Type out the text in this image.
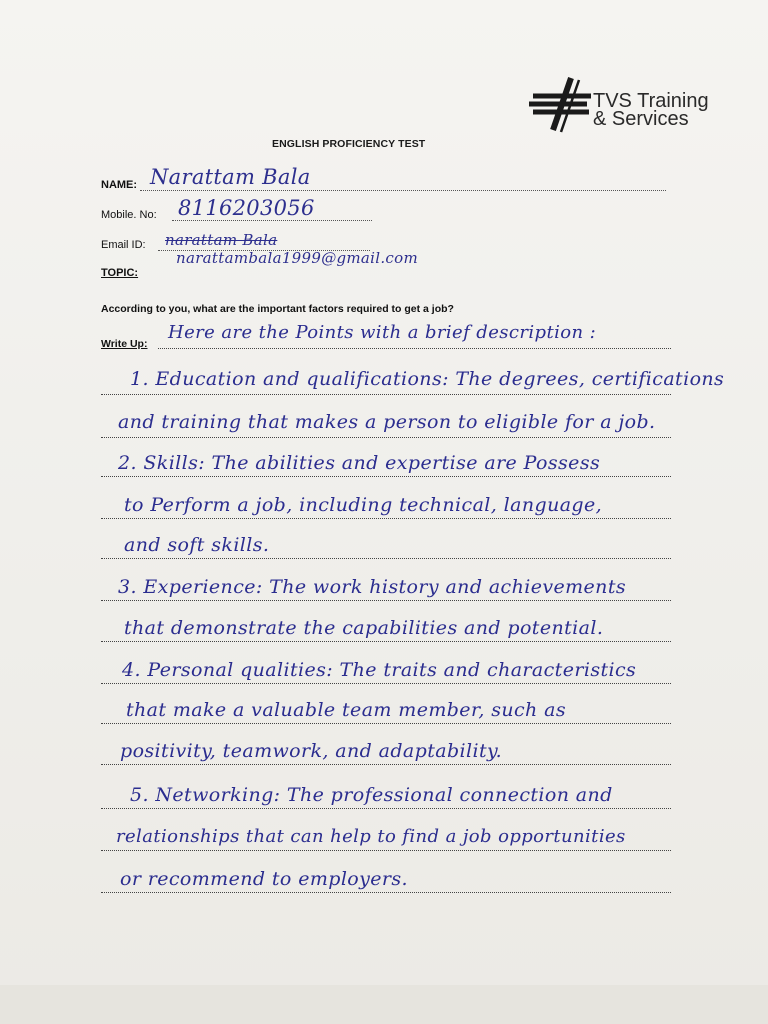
TVS Training
& Services
ENGLISH PROFICIENCY TEST
NAME: Narattam Bala
Mobile. No: 8116203056
Email ID: narattam Bala
narattambala1999@gmail.com
TOPIC:
According to you, what are the important factors required to get a job?
Write Up:
Here are the Points with a brief description :
1. Education and qualifications: The degrees, certifications
and training that makes a person to eligible for a job.
2. Skills: The abilities and expertise are Possess
to Perform a job, including technical, language,
and soft skills.
3. Experience: The work history and achievements
that demonstrate the capabilities and potential.
4. Personal qualities: The traits and characteristics
that make a valuable team member, such as
positivity, teamwork, and adaptability.
5. Networking: The professional connection and
relationships that can help to find a job opportunities
or recommend to employers.
